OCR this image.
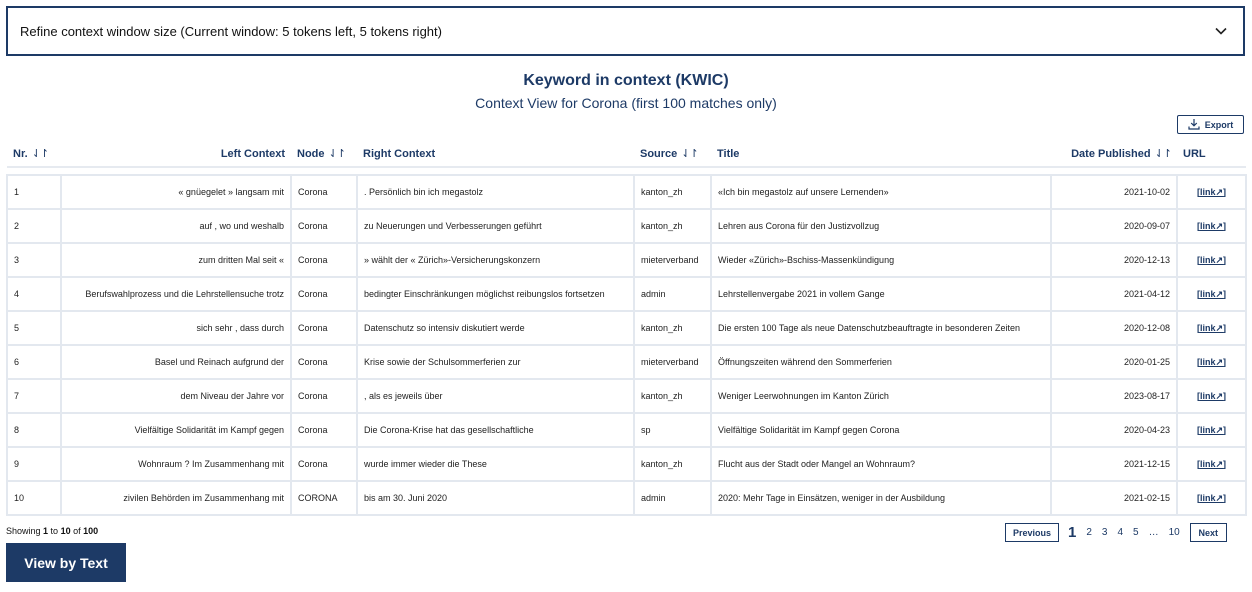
Refine context window size (Current window: 5 tokens left, 5 tokens right)
Keyword in context (KWIC)
Context View for Corona (first 100 matches only)
Export
Nr. ⇃↾	Left Context	Node ⇃↾	Right Context	Source ⇃↾	Title	Date Published ⇃↾	URL

1	« gnüegelet » langsam mit	Corona	. Persönlich bin ich megastolz	kanton_zh	«Ich bin megastolz auf unsere Lernenden»	2021-10-02	[link↗]
2	auf , wo und weshalb	Corona	zu Neuerungen und Verbesserungen geführt	kanton_zh	Lehren aus Corona für den Justizvollzug	2020-09-07	[link↗]
3	zum dritten Mal seit «	Corona	» wählt der « Zürich»-Versicherungskonzern	mieterverband	Wieder «Zürich»-Bschiss-Massenkündigung	2020-12-13	[link↗]
4	Berufswahlprozess und die Lehrstellensuche trotz	Corona	bedingter Einschränkungen möglichst reibungslos fortsetzen	admin	Lehrstellenvergabe 2021 in vollem Gange	2021-04-12	[link↗]
5	sich sehr , dass durch	Corona	Datenschutz so intensiv diskutiert werde	kanton_zh	Die ersten 100 Tage als neue Datenschutzbeauftragte in besonderen Zeiten	2020-12-08	[link↗]
6	Basel und Reinach aufgrund der	Corona	Krise sowie der Schulsommerferien zur	mieterverband	Öffnungszeiten während den Sommerferien	2020-01-25	[link↗]
7	dem Niveau der Jahre vor	Corona	, als es jeweils über	kanton_zh	Weniger Leerwohnungen im Kanton Zürich	2023-08-17	[link↗]
8	Vielfältige Solidarität im Kampf gegen	Corona	Die Corona-Krise hat das gesellschaftliche	sp	Vielfältige Solidarität im Kampf gegen Corona	2020-04-23	[link↗]
9	Wohnraum ? Im Zusammenhang mit	Corona	wurde immer wieder die These	kanton_zh	Flucht aus der Stadt oder Mangel an Wohnraum?	2021-12-15	[link↗]
10	zivilen Behörden im Zusammenhang mit	CORONA	bis am 30. Juni 2020	admin	2020: Mehr Tage in Einsätzen, weniger in der Ausbildung	2021-02-15	[link↗]
Showing 1 to 10 of 100	Previous	1 2 3 4 5 … 10	Next
View by Text
